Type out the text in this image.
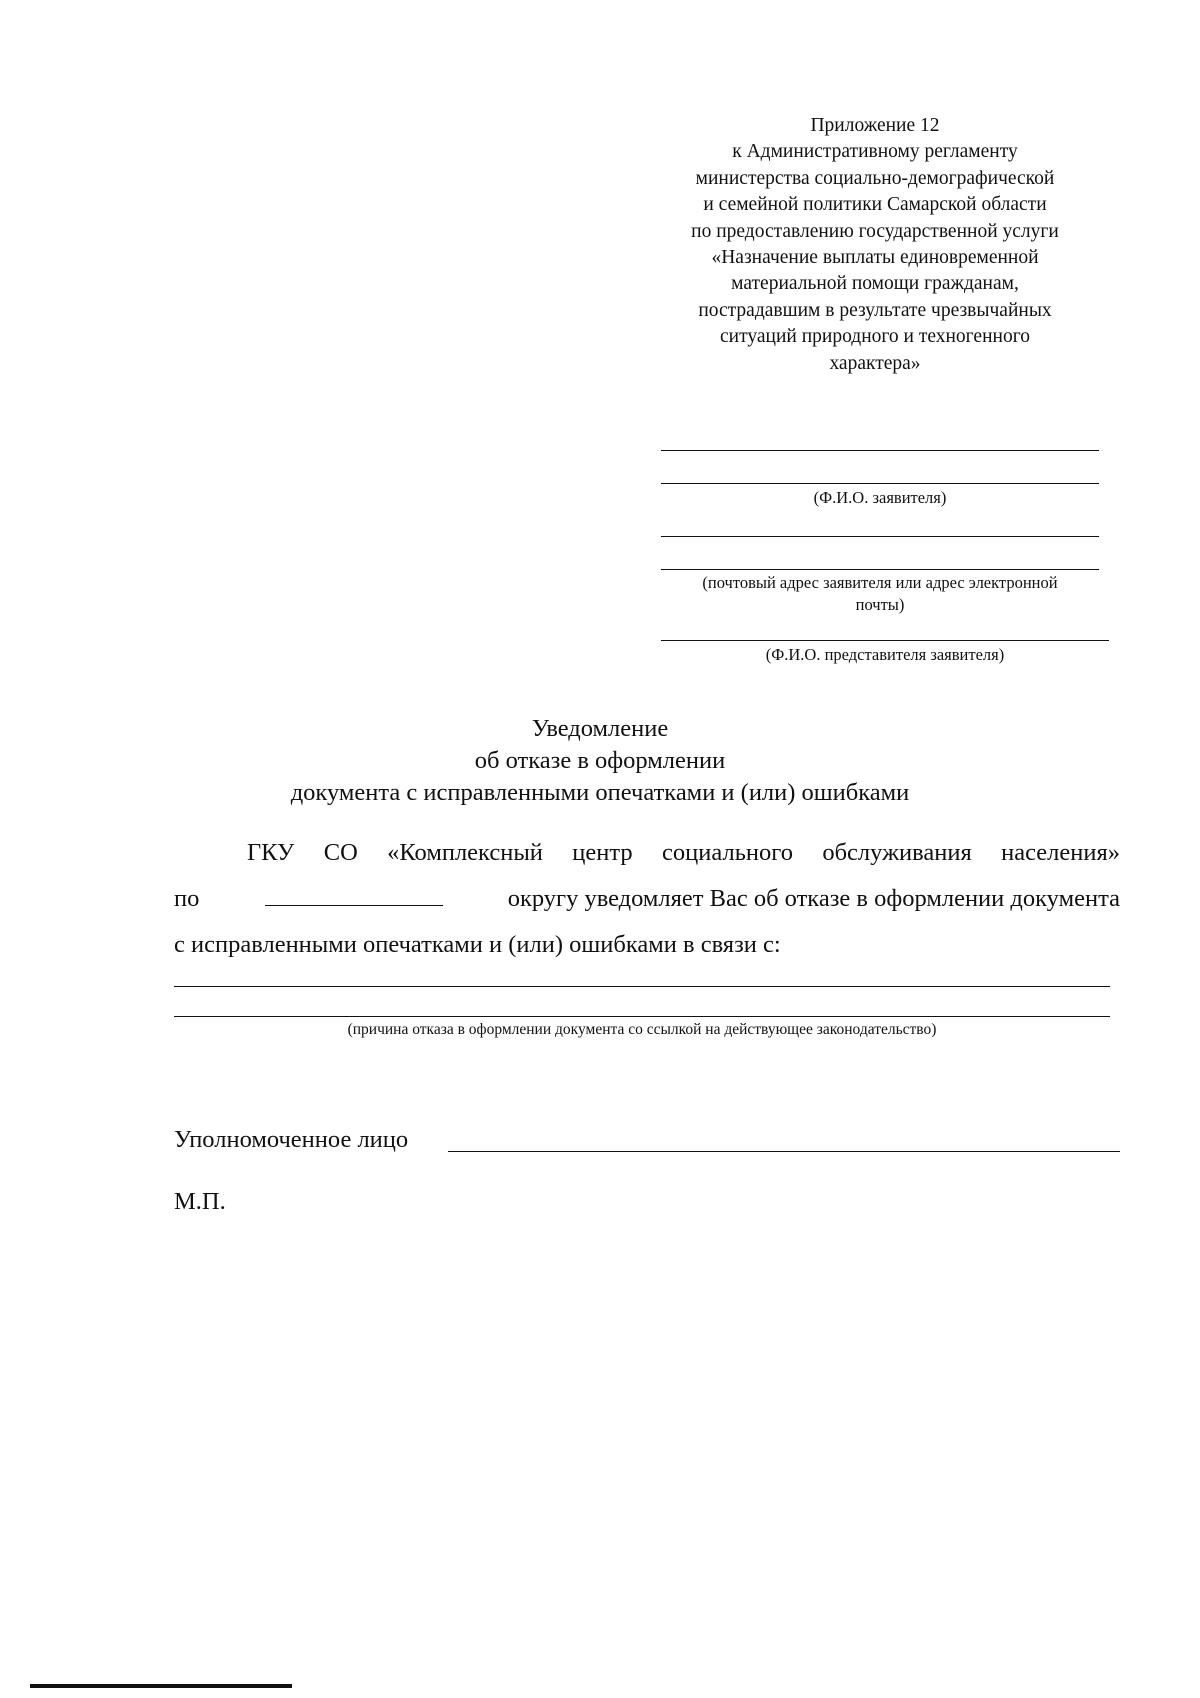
Приложение 12
к Административному регламенту
министерства социально-демографической
и семейной политики Самарской области
по предоставлению государственной услуги
«Назначение выплаты единовременной
материальной помощи гражданам,
пострадавшим в результате чрезвычайных
ситуаций природного и техногенного
характера»
(Ф.И.О. заявителя)
(почтовый адрес заявителя или адрес электронной
почты)
(Ф.И.О. представителя заявителя)
Уведомление
об отказе в оформлении
документа с исправленными опечатками и (или) ошибками
ГКУ СО «Комплексный центр социального обслуживания населения»
по	округу уведомляет Вас об отказе в оформлении документа
с исправленными опечатками и (или) ошибками в связи с:
(причина отказа в оформлении документа со ссылкой на действующее законодательство)
Уполномоченное лицо
М.П.
